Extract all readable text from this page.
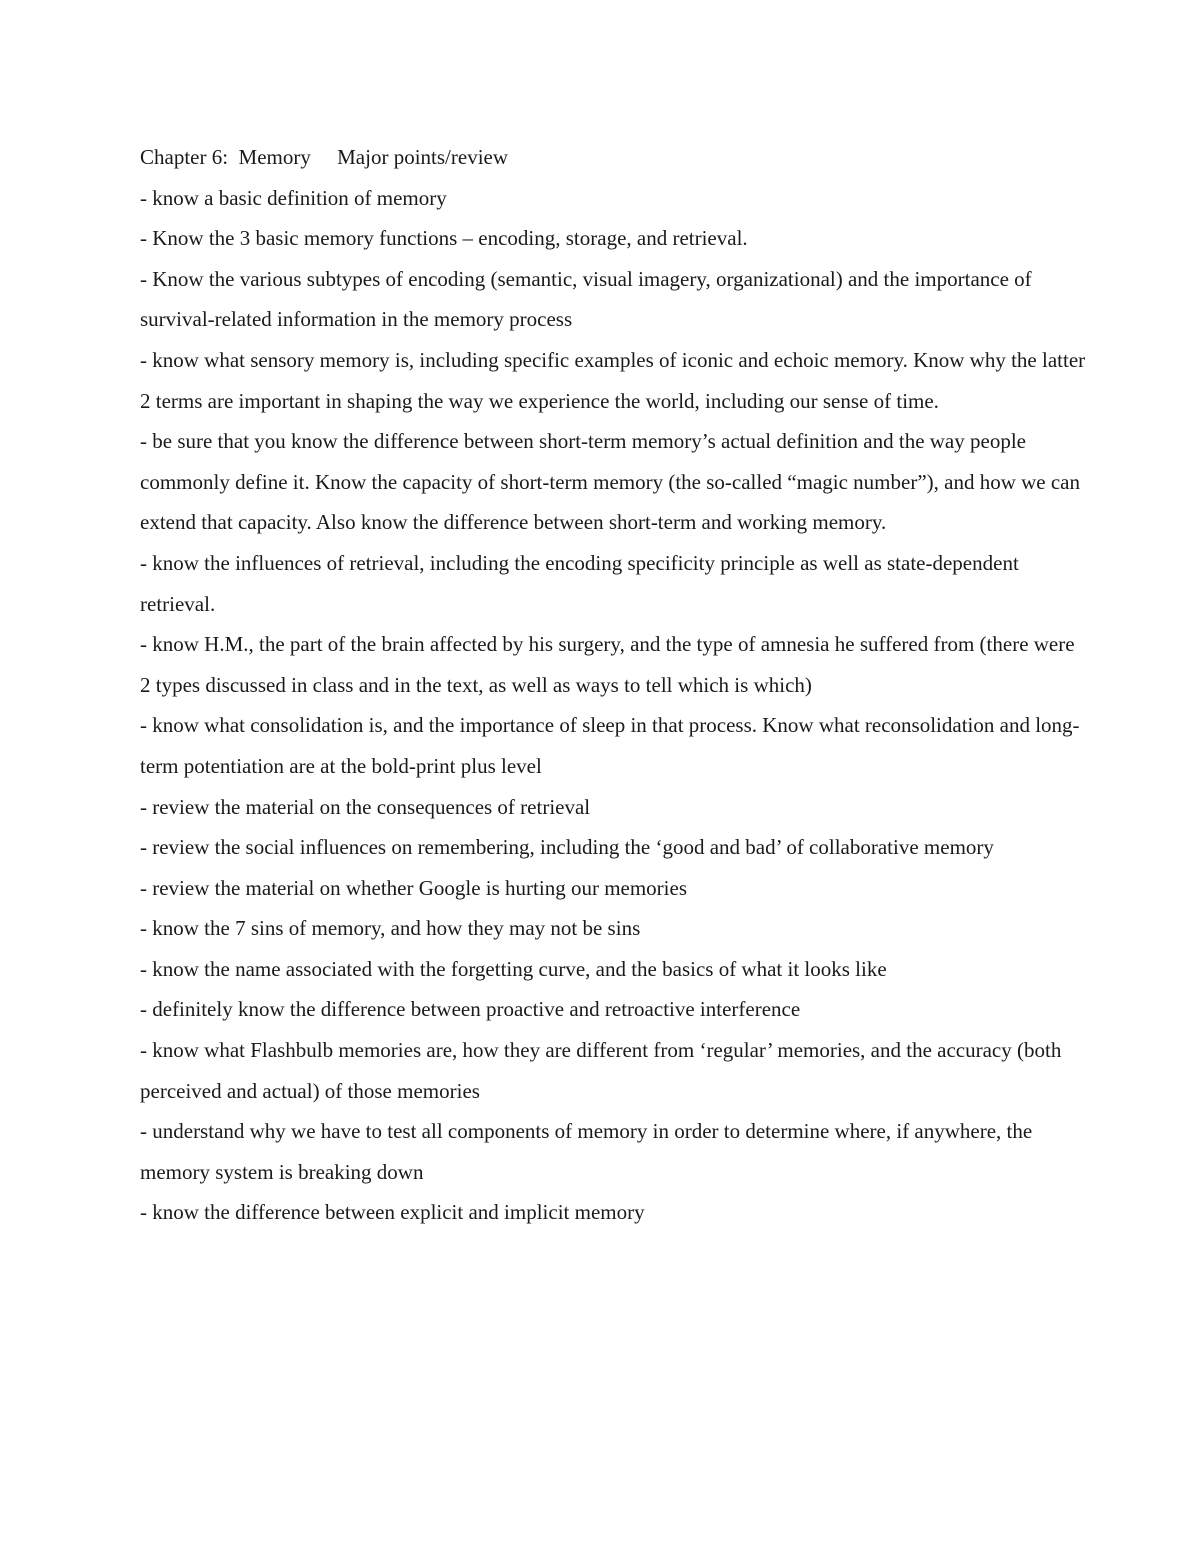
Chapter 6:  Memory     Major points/review

- know a basic definition of memory

- Know the 3 basic memory functions – encoding, storage, and retrieval.

- Know the various subtypes of encoding (semantic, visual imagery, organizational) and the importance of survival-related information in the memory process

- know what sensory memory is, including specific examples of iconic and echoic memory. Know why the latter 2 terms are important in shaping the way we experience the world, including our sense of time.

- be sure that you know the difference between short-term memory’s actual definition and the way people commonly define it. Know the capacity of short-term memory (the so-called “magic number”), and how we can extend that capacity. Also know the difference between short-term and working memory.

- know the influences of retrieval, including the encoding specificity principle as well as state-dependent retrieval.

- know H.M., the part of the brain affected by his surgery, and the type of amnesia he suffered from (there were 2 types discussed in class and in the text, as well as ways to tell which is which)

- know what consolidation is, and the importance of sleep in that process. Know what reconsolidation and long-term potentiation are at the bold-print plus level

- review the material on the consequences of retrieval

- review the social influences on remembering, including the ‘good and bad’ of collaborative memory

- review the material on whether Google is hurting our memories

- know the 7 sins of memory, and how they may not be sins

- know the name associated with the forgetting curve, and the basics of what it looks like

- definitely know the difference between proactive and retroactive interference

- know what Flashbulb memories are, how they are different from ‘regular’ memories, and the accuracy (both perceived and actual) of those memories

- understand why we have to test all components of memory in order to determine where, if anywhere, the memory system is breaking down

- know the difference between explicit and implicit memory
